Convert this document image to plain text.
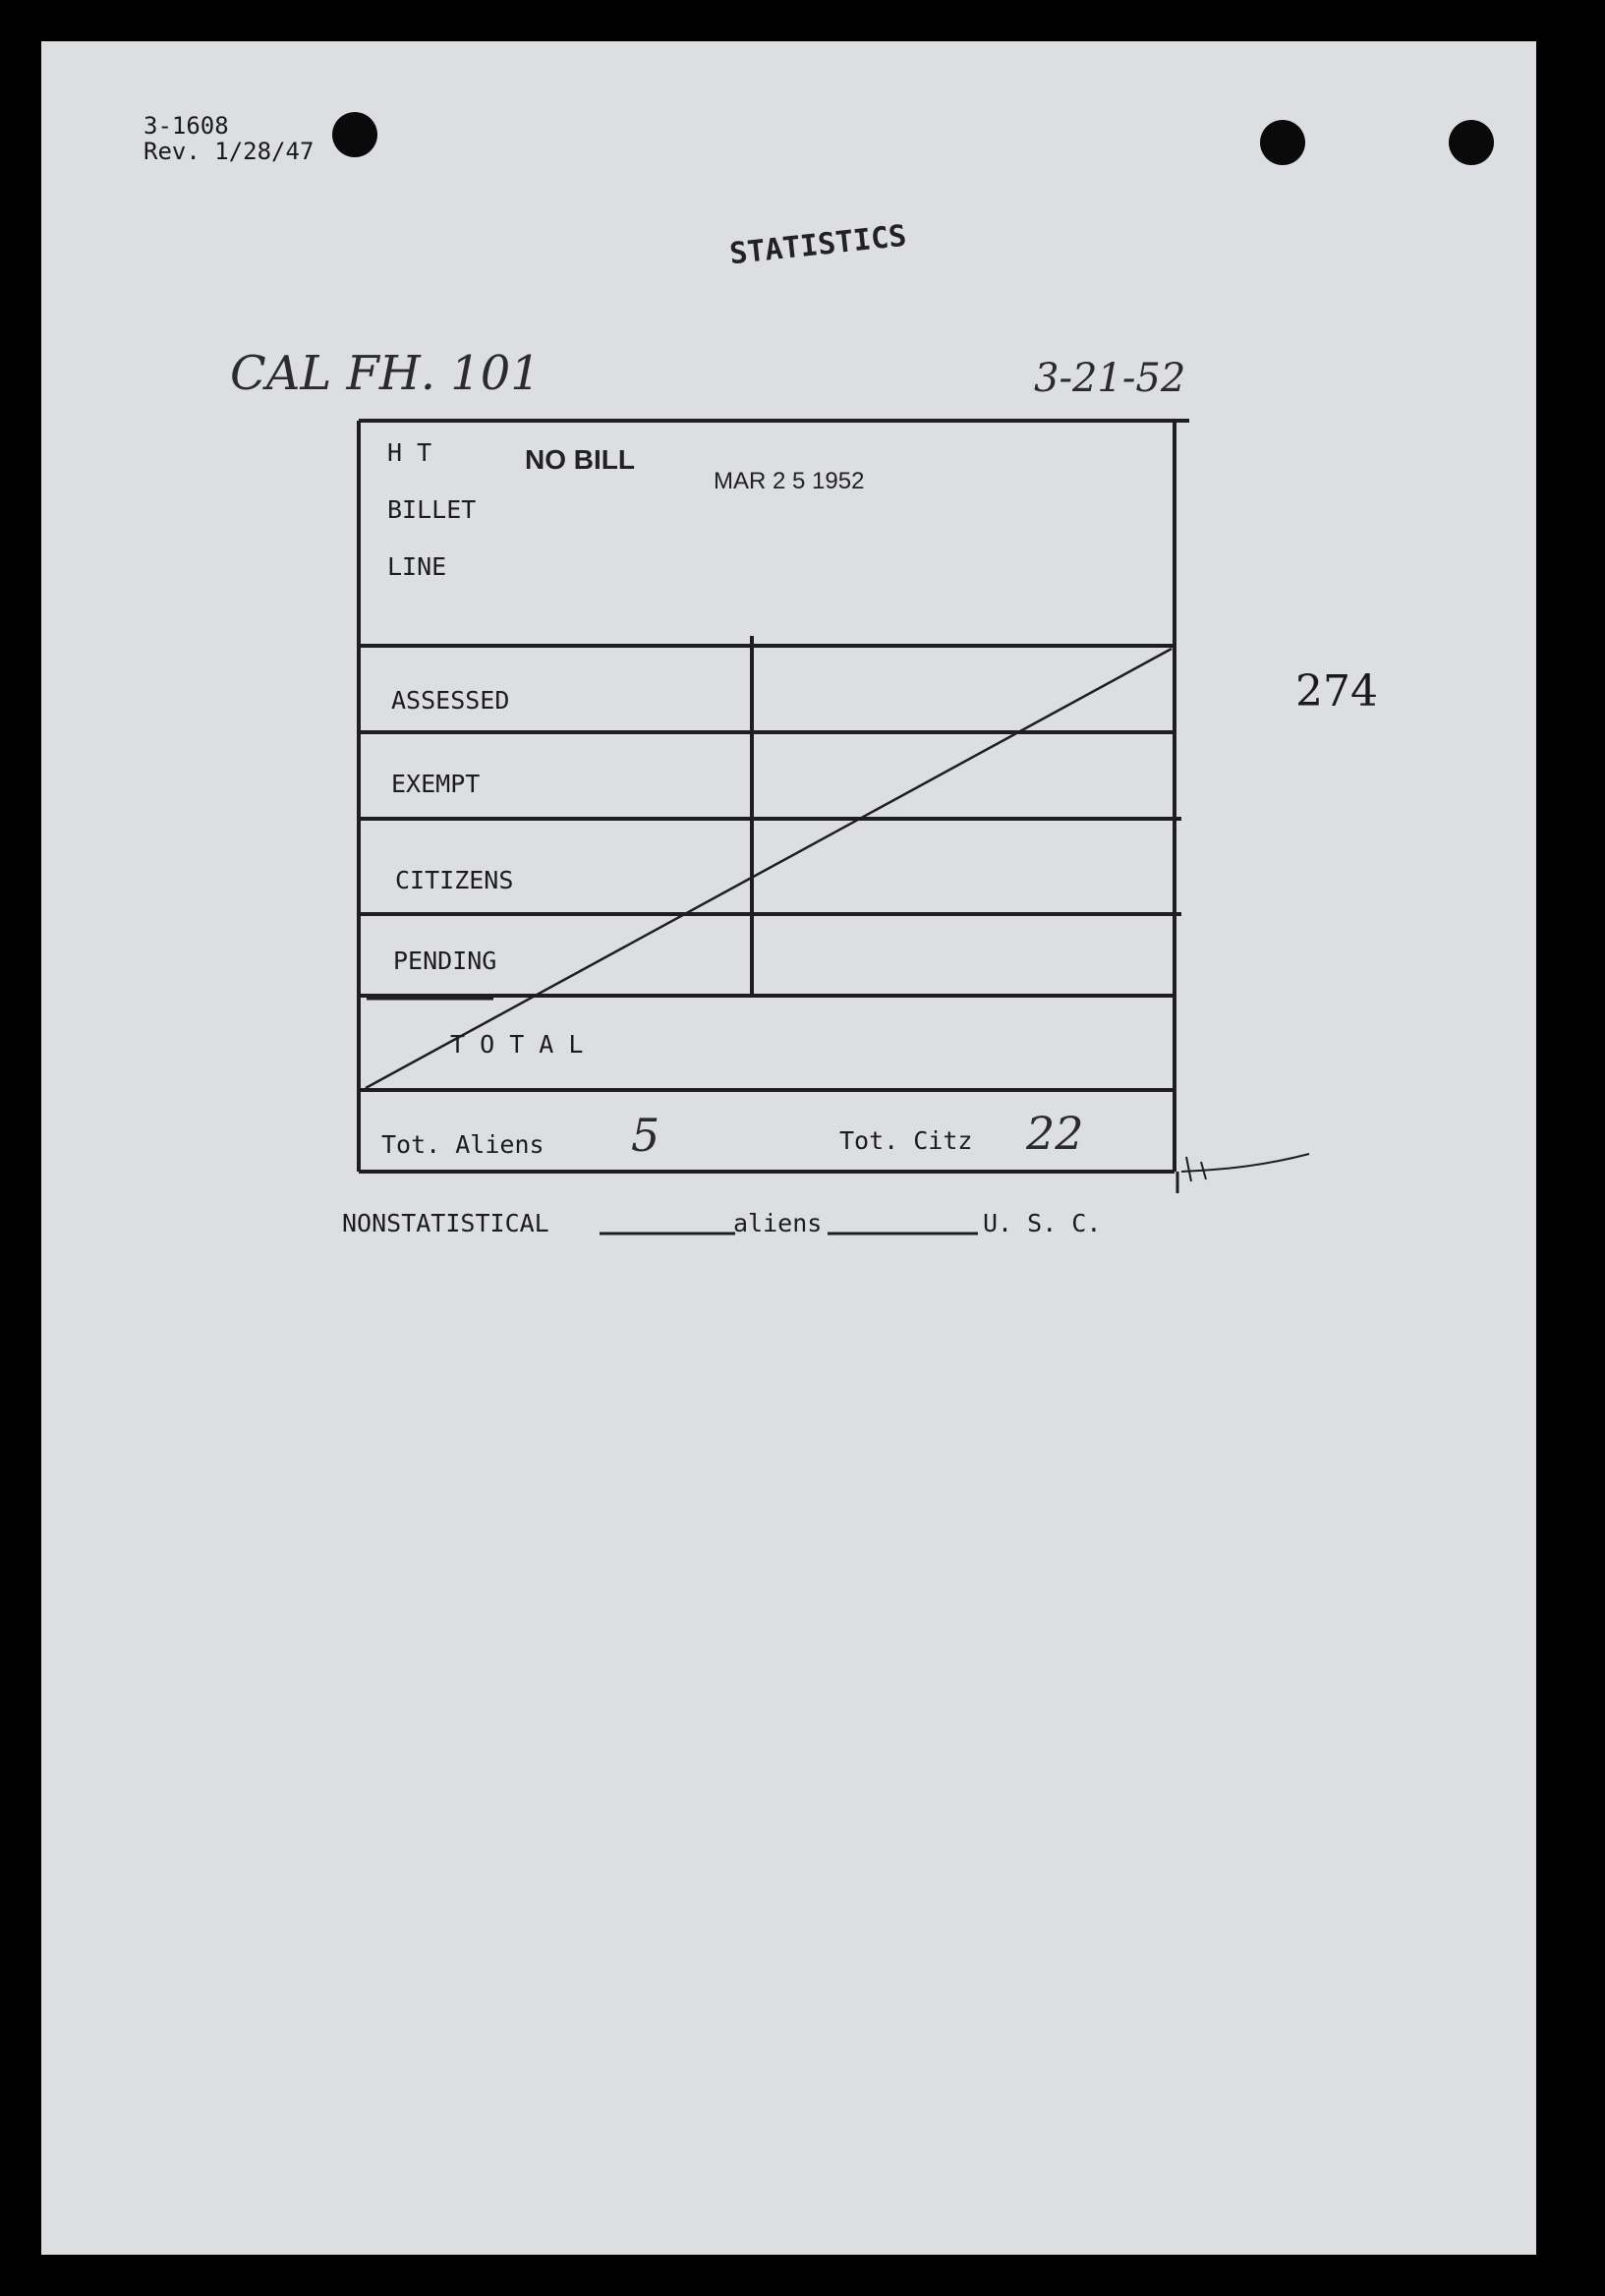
3-1608
Rev. 1/28/47
STATISTICS
CAL FH. 101	3-21-52
H T
BILLET
LINE
NO BILL
MAR 2 5 1952
ASSESSED
EXEMPT
CITIZENS
PENDING
T O T A L
Tot. Aliens 5	Tot. Citz 22
274
NONSTATISTICAL	aliens	U. S. C.
